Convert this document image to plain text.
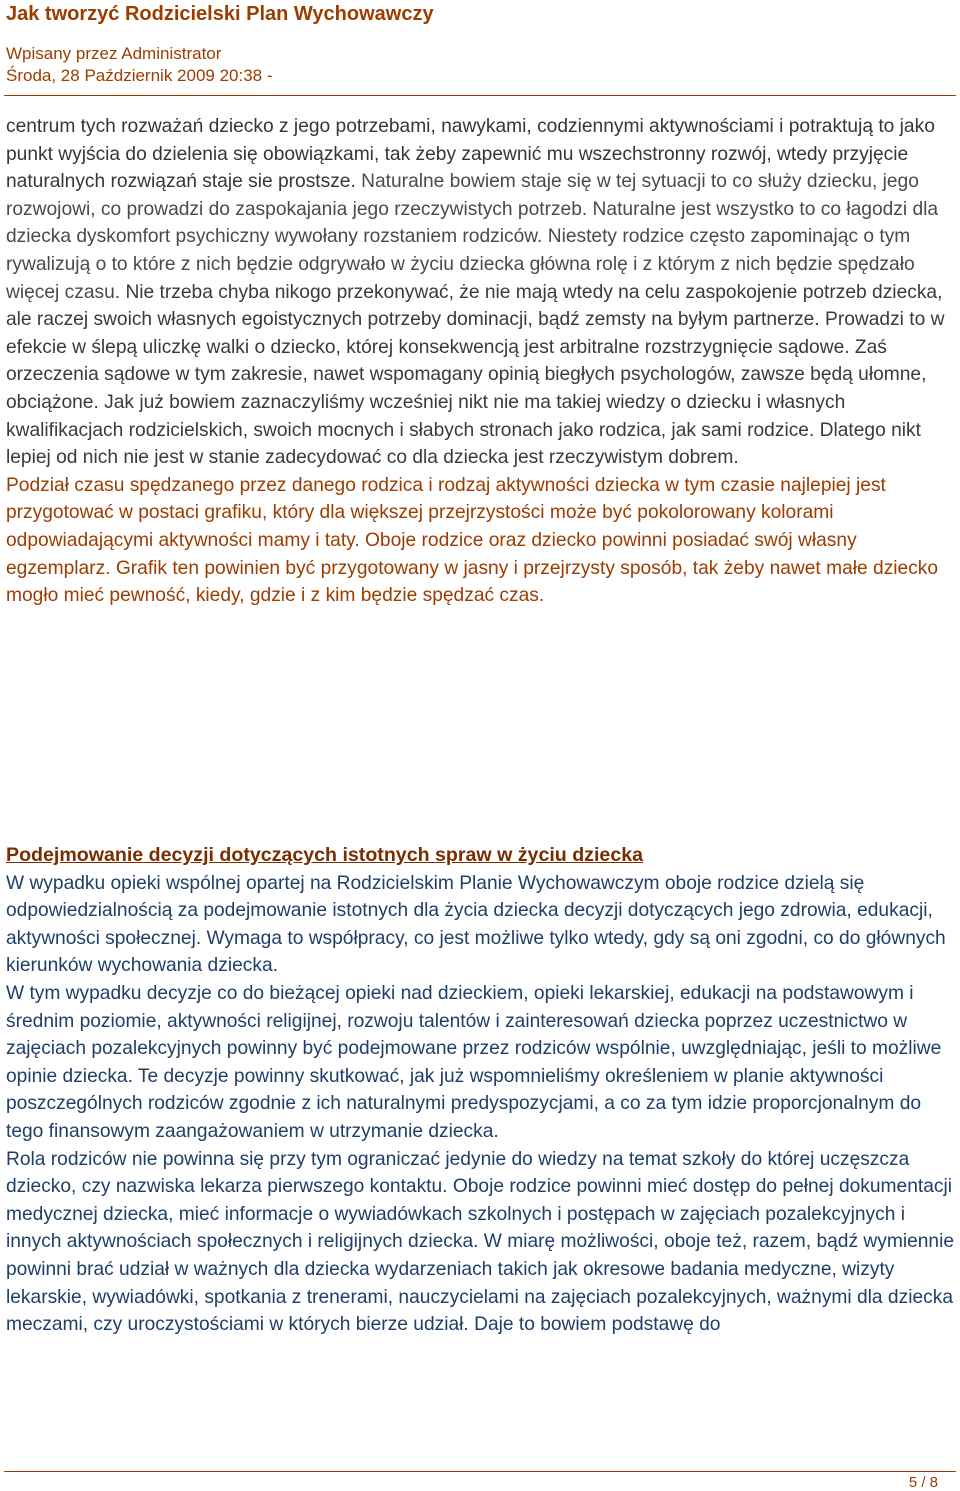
Jak tworzyć Rodzicielski Plan Wychowawczy
Wpisany przez Administrator
Środa, 28 Październik 2009 20:38 -

centrum tych rozważań dziecko z jego potrzebami, nawykami, codziennymi aktywnościami i potraktują to jako punkt wyjścia do dzielenia się obowiązkami, tak żeby zapewnić mu wszechstronny rozwój, wtedy przyjęcie naturalnych rozwiązań staje sie prostsze. Naturalne bowiem staje się w tej sytuacji to co służy dziecku, jego rozwojowi, co prowadzi do zaspokajania jego rzeczywistych potrzeb. Naturalne jest wszystko to co łagodzi dla dziecka dyskomfort psychiczny wywołany rozstaniem rodziców. Niestety rodzice często zapominając o tym rywalizują o to które z nich będzie odgrywało w życiu dziecka główna rolę i z którym z nich będzie spędzało więcej czasu. Nie trzeba chyba nikogo przekonywać, że nie mają wtedy na celu zaspokojenie potrzeb dziecka, ale raczej swoich własnych egoistycznych potrzeby dominacji, bądź zemsty na byłym partnerze. Prowadzi to w efekcie w ślepą uliczkę walki o dziecko, której konsekwencją jest arbitralne rozstrzygnięcie sądowe. Zaś orzeczenia sądowe w tym zakresie, nawet wspomagany opinią biegłych psychologów, zawsze będą ułomne, obciążone. Jak już bowiem zaznaczyliśmy wcześniej nikt nie ma takiej wiedzy o dziecku i własnych kwalifikacjach rodzicielskich, swoich mocnych i słabych stronach jako rodzica, jak sami rodzice. Dlatego nikt lepiej od nich nie jest w stanie zadecydować co dla dziecka jest rzeczywistym dobrem.

Podział czasu spędzanego przez danego rodzica i rodzaj aktywności dziecka w tym czasie najlepiej jest przygotować w postaci grafiku, który dla większej przejrzystości może być pokolorowany kolorami odpowiadającymi aktywności mamy i taty. Oboje rodzice oraz dziecko powinni posiadać swój własny egzemplarz. Grafik ten powinien być przygotowany w jasny i przejrzysty sposób, tak żeby nawet małe dziecko mogło mieć pewność, kiedy, gdzie i z kim będzie spędzać czas.

Podejmowanie decyzji dotyczących istotnych spraw w życiu dziecka

W wypadku opieki wspólnej opartej na Rodzicielskim Planie Wychowawczym oboje rodzice dzielą się odpowiedzialnością za podejmowanie istotnych dla życia dziecka decyzji dotyczących jego zdrowia, edukacji, aktywności społecznej. Wymaga to współpracy, co jest możliwe tylko wtedy, gdy są oni zgodni, co do głównych kierunków wychowania dziecka.

W tym wypadku decyzje co do bieżącej opieki nad dzieckiem, opieki lekarskiej, edukacji na podstawowym i średnim poziomie, aktywności religijnej, rozwoju talentów i zainteresowań dziecka poprzez uczestnictwo w zajęciach pozalekcyjnych powinny być podejmowane przez rodziców wspólnie, uwzględniając, jeśli to możliwe opinie dziecka. Te decyzje powinny skutkować, jak już wspomnieliśmy określeniem w planie aktywności poszczególnych rodziców zgodnie z ich naturalnymi predyspozycjami, a co za tym idzie proporcjonalnym do tego finansowym zaangażowaniem w utrzymanie dziecka.

Rola rodziców nie powinna się przy tym ograniczać jedynie do wiedzy na temat szkoły do której uczęszcza dziecko, czy nazwiska lekarza pierwszego kontaktu. Oboje rodzice powinni mieć dostęp do pełnej dokumentacji medycznej dziecka, mieć informacje o wywiadówkach szkolnych i postępach w zajęciach pozalekcyjnych i innych aktywnościach społecznych i religijnych dziecka. W miarę możliwości, oboje też, razem, bądź wymiennie powinni brać udział w ważnych dla dziecka wydarzeniach takich jak okresowe badania medyczne, wizyty lekarskie, wywiadówki, spotkania z trenerami, nauczycielami na zajęciach pozalekcyjnych, ważnymi dla dziecka meczami, czy uroczystościami w których bierze udział. Daje to bowiem podstawę do

5 / 8
